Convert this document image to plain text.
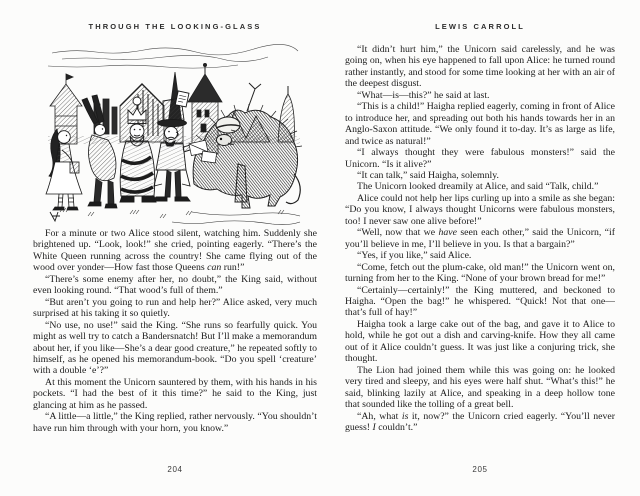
THROUGH THE LOOKING-GLASS

For a minute or two Alice stood silent, watching him. Suddenly she brightened up. “Look, look!” she cried, pointing eagerly. “There’s the White Queen running across the country! She came flying out of the wood over yonder—How fast those Queens can run!”

“There’s some enemy after her, no doubt,” the King said, without even looking round. “That wood’s full of them.”

“But aren’t you going to run and help her?” Alice asked, very much surprised at his taking it so quietly.

“No use, no use!” said the King. “She runs so fearfully quick. You might as well try to catch a Bandersnatch! But I’ll make a memorandum about her, if you like—She’s a dear good creature,” he repeated softly to himself, as he opened his memorandum-book. “Do you spell ‘creature’ with a double ‘e’?”

At this moment the Unicorn sauntered by them, with his hands in his pockets. “I had the best of it this time?” he said to the King, just glancing at him as he passed.

“A little—a little,” the King replied, rather nervously. “You shouldn’t have run him through with your horn, you know.”

204
LEWIS CARROLL

“It didn’t hurt him,” the Unicorn said carelessly, and he was going on, when his eye happened to fall upon Alice: he turned round rather instantly, and stood for some time looking at her with an air of the deepest disgust.

“What—is—this?” he said at last.

“This is a child!” Haigha replied eagerly, coming in front of Alice to introduce her, and spreading out both his hands towards her in an Anglo-Saxon attitude. “We only found it to-day. It’s as large as life, and twice as natural!”

“I always thought they were fabulous monsters!” said the Unicorn. “Is it alive?”

“It can talk,” said Haigha, solemnly.

The Unicorn looked dreamily at Alice, and said “Talk, child.”

Alice could not help her lips curling up into a smile as she began: “Do you know, I always thought Unicorns were fabulous monsters, too! I never saw one alive before!”

“Well, now that we have seen each other,” said the Unicorn, “if you’ll believe in me, I’ll believe in you. Is that a bargain?”

“Yes, if you like,” said Alice.

“Come, fetch out the plum-cake, old man!” the Unicorn went on, turning from her to the King. “None of your brown bread for me!”

“Certainly—certainly!” the King muttered, and beckoned to Haigha. “Open the bag!” he whispered. “Quick! Not that one—that’s full of hay!”

Haigha took a large cake out of the bag, and gave it to Alice to hold, while he got out a dish and carving-knife. How they all came out of it Alice couldn’t guess. It was just like a conjuring trick, she thought.

The Lion had joined them while this was going on: he looked very tired and sleepy, and his eyes were half shut. “What’s this!” he said, blinking lazily at Alice, and speaking in a deep hollow tone that sounded like the tolling of a great bell.

“Ah, what is it, now?” the Unicorn cried eagerly. “You’ll never guess! I couldn’t.”

205
